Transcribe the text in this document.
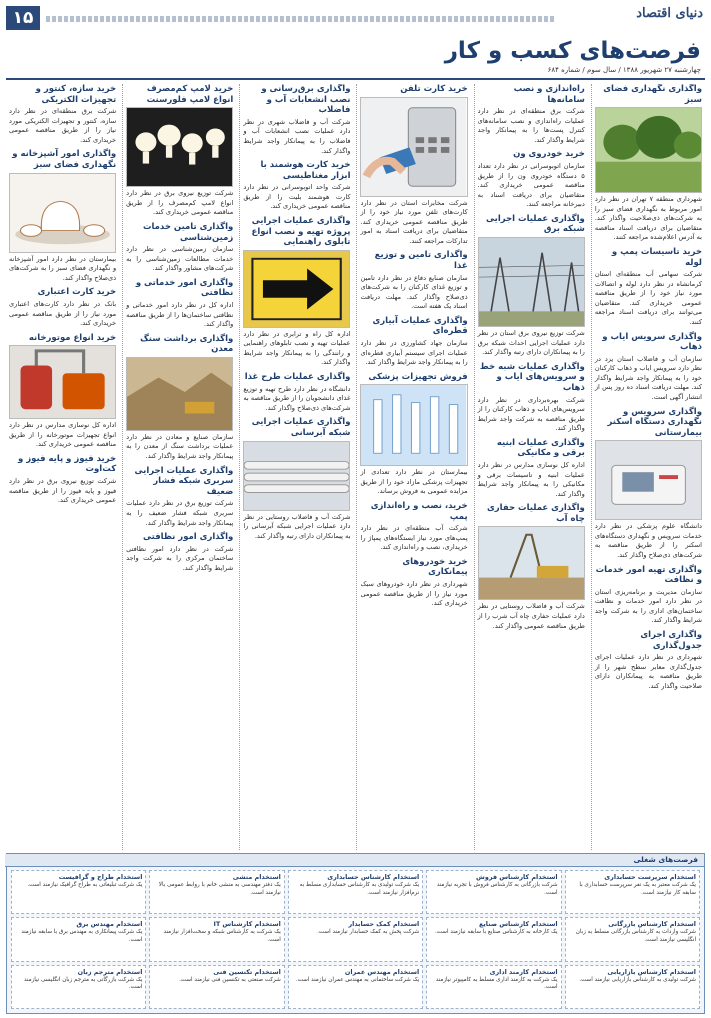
۱۵	دنیای اقتصاد
فرصت‌های کسب و کار
چهارشنبه ۲۷ شهریور ۱۳۸۸ / سال سوم / شماره ۶۸۴
واگذاری نگهداری فضای سبز
شهرداری منطقه ۷ تهران در نظر دارد امور مربوط به نگهداری فضای سبز را به شرکت‌های ذی‌صلاحیت واگذار کند. متقاضیان برای دریافت اسناد مناقصه به آدرس اعلام‌شده مراجعه کنند.
خرید تاسیسات پمپ و لوله
شرکت سهامی آب منطقه‌ای استان کرمانشاه در نظر دارد لوله و اتصالات مورد نیاز خود را از طریق مناقصه عمومی خریداری کند. متقاضیان می‌توانند برای دریافت اسناد مراجعه کنند.
واگذاری سرویس ایاب و ذهاب
سازمان آب و فاضلاب استان یزد در نظر دارد سرویس ایاب و ذهاب کارکنان خود را به پیمانکار واجد شرایط واگذار کند. مهلت دریافت اسناد ده روز پس از انتشار آگهی است.
واگذاری سرویس و نگهداری دستگاه اسکنر بیمارستانی
دانشگاه علوم پزشکی در نظر دارد خدمات سرویس و نگهداری دستگاه‌های اسکنر را از طریق مناقصه به شرکت‌های ذی‌صلاح واگذار کند.
واگذاری تهیه امور خدمات و نظافت
سازمان مدیریت و برنامه‌ریزی استان در نظر دارد امور خدمات و نظافت ساختمان‌های اداری را به شرکت واجد شرایط واگذار کند.
واگذاری اجرای جدول‌گذاری
شهرداری در نظر دارد عملیات اجرای جدول‌گذاری معابر سطح شهر را از طریق مناقصه به پیمانکاران دارای صلاحیت واگذار کند.
راه‌اندازی و نصب سامانه‌ها
شرکت برق منطقه‌ای در نظر دارد عملیات راه‌اندازی و نصب سامانه‌های کنترل پست‌ها را به پیمانکار واجد شرایط واگذار کند.
خرید خودروی ون
سازمان اتوبوسرانی در نظر دارد تعداد ۵ دستگاه خودروی ون را از طریق مناقصه عمومی خریداری کند. متقاضیان برای دریافت اسناد به دبیرخانه مراجعه کنند.
واگذاری عملیات اجرایی شبکه برق
شرکت توزیع نیروی برق استان در نظر دارد عملیات اجرایی احداث شبکه برق را به پیمانکاران دارای رتبه واگذار کند.
واگذاری عملیات شبه خط و سرویس‌های ایاب و ذهاب
شرکت بهره‌برداری در نظر دارد سرویس‌های ایاب و ذهاب کارکنان را از طریق مناقصه به شرکت واجد شرایط واگذار کند.
واگذاری عملیات ابنیه برقی و مکانیکی
اداره کل نوسازی مدارس در نظر دارد عملیات ابنیه و تاسیسات برقی و مکانیکی را به پیمانکار واجد شرایط واگذار کند.
واگذاری عملیات حفاری چاه آب
شرکت آب و فاضلاب روستایی در نظر دارد عملیات حفاری چاه آب شرب را از طریق مناقصه عمومی واگذار کند.
خرید کارت تلفن
شرکت مخابرات استان در نظر دارد کارت‌های تلفن مورد نیاز خود را از طریق مناقصه عمومی خریداری کند. متقاضیان برای دریافت اسناد به امور تدارکات مراجعه کنند.
واگذاری تامین و توزیع غذا
سازمان صنایع دفاع در نظر دارد تامین و توزیع غذای کارکنان را به شرکت‌های ذی‌صلاح واگذار کند. مهلت دریافت اسناد یک هفته است.
واگذاری عملیات آبیاری قطره‌ای
سازمان جهاد کشاورزی در نظر دارد عملیات اجرای سیستم آبیاری قطره‌ای را به پیمانکار واجد شرایط واگذار کند.
فروش تجهیزات پزشکی
بیمارستان در نظر دارد تعدادی از تجهیزات پزشکی مازاد خود را از طریق مزایده عمومی به فروش برساند.
خرید، نصب و راه‌اندازی پمپ
شرکت آب منطقه‌ای در نظر دارد پمپ‌های مورد نیاز ایستگاه‌های پمپاژ را خریداری، نصب و راه‌اندازی کند.
خرید خودروهای پیمانکاری
شهرداری در نظر دارد خودروهای سبک مورد نیاز را از طریق مناقصه عمومی خریداری کند.
واگذاری برق‌رسانی و نصب انشعابات آب و فاضلاب
شرکت آب و فاضلاب شهری در نظر دارد عملیات نصب انشعابات آب و فاضلاب را به پیمانکار واجد شرایط واگذار کند.
خرید کارت هوشمند با ابزار مغناطیسی
شرکت واحد اتوبوسرانی در نظر دارد کارت هوشمند بلیت را از طریق مناقصه عمومی خریداری کند.
واگذاری عملیات اجرایی پروژه تهیه و نصب انواع تابلوی راهنمایی
اداره کل راه و ترابری در نظر دارد عملیات تهیه و نصب تابلوهای راهنمایی و رانندگی را به پیمانکار واجد شرایط واگذار کند.
واگذاری عملیات طرح غذا
دانشگاه در نظر دارد طرح تهیه و توزیع غذای دانشجویان را از طریق مناقصه به شرکت‌های ذی‌صلاح واگذار کند.
واگذاری عملیات اجرایی شبکه آبرسانی
شرکت آب و فاضلاب روستایی در نظر دارد عملیات اجرایی شبکه آبرسانی را به پیمانکاران دارای رتبه واگذار کند.
خرید لامپ کم‌مصرف انواع لامپ فلورسنت
شرکت توزیع نیروی برق در نظر دارد انواع لامپ کم‌مصرف را از طریق مناقصه عمومی خریداری کند.
واگذاری تامین خدمات زمین‌شناسی
سازمان زمین‌شناسی در نظر دارد خدمات مطالعات زمین‌شناسی را به شرکت‌های مشاور واگذار کند.
واگذاری امور خدماتی و نظافتی
اداره کل در نظر دارد امور خدماتی و نظافتی ساختمان‌ها را از طریق مناقصه واگذار کند.
واگذاری برداشت سنگ معدن
سازمان صنایع و معادن در نظر دارد عملیات برداشت سنگ از معدن را به پیمانکار واجد شرایط واگذار کند.
واگذاری عملیات اجرایی سربری شبکه فشار ضعیف
شرکت توزیع برق در نظر دارد عملیات سربری شبکه فشار ضعیف را به پیمانکار واجد شرایط واگذار کند.
واگذاری امور نظافتی
شرکت در نظر دارد امور نظافتی ساختمان مرکزی را به شرکت واجد شرایط واگذار کند.
خرید سازه، کنتور و تجهیزات الکتریکی
شرکت برق منطقه‌ای در نظر دارد سازه، کنتور و تجهیزات الکتریکی مورد نیاز را از طریق مناقصه عمومی خریداری کند.
واگذاری امور آشپزخانه و نگهداری فضای سبز
بیمارستان در نظر دارد امور آشپزخانه و نگهداری فضای سبز را به شرکت‌های ذی‌صلاح واگذار کند.
خرید کارت اعتباری
بانک در نظر دارد کارت‌های اعتباری مورد نیاز را از طریق مناقصه عمومی خریداری کند.
خرید انواع موتورخانه
اداره کل نوسازی مدارس در نظر دارد انواع تجهیزات موتورخانه را از طریق مناقصه عمومی خریداری کند.
خرید فیوز و پایه فیوز و کت‌اوت
شرکت توزیع نیروی برق در نظر دارد فیوز و پایه فیوز را از طریق مناقصه عمومی خریداری کند.
فرصت‌های شغلی
استخدام سرپرست حسابداری
یک شرکت معتبر به یک نفر سرپرست حسابداری با سابقه کار نیازمند است.
استخدام کارشناس فروش
شرکت بازرگانی به کارشناس فروش با تجربه نیازمند است.
استخدام کارشناس حسابداری
یک شرکت تولیدی به کارشناس حسابداری مسلط به نرم‌افزار نیازمند است.
استخدام منشی
یک دفتر مهندسی به منشی خانم با روابط عمومی بالا نیازمند است.
استخدام طراح و گرافیست
یک شرکت تبلیغاتی به طراح گرافیک نیازمند است.
استخدام کارشناس بازرگانی
شرکت واردات به کارشناس بازرگانی مسلط به زبان انگلیسی نیازمند است.
استخدام کارشناس صنایع
یک کارخانه به کارشناس صنایع با سابقه نیازمند است.
استخدام کمک حسابدار
شرکت پخش به کمک حسابدار نیازمند است.
استخدام کارشناس IT
یک شرکت به کارشناس شبکه و سخت‌افزار نیازمند است.
استخدام مهندس برق
یک شرکت پیمانکاری به مهندس برق با سابقه نیازمند است.
استخدام کارشناس بازاریابی
شرکت تولیدی به کارشناس بازاریابی نیازمند است.
استخدام کارمند اداری
یک شرکت به کارمند اداری مسلط به کامپیوتر نیازمند است.
استخدام مهندس عمران
یک شرکت ساختمانی به مهندس عمران نیازمند است.
استخدام تکنسین فنی
شرکت صنعتی به تکنسین فنی نیازمند است.
استخدام مترجم زبان
یک شرکت بازرگانی به مترجم زبان انگلیسی نیازمند است.
